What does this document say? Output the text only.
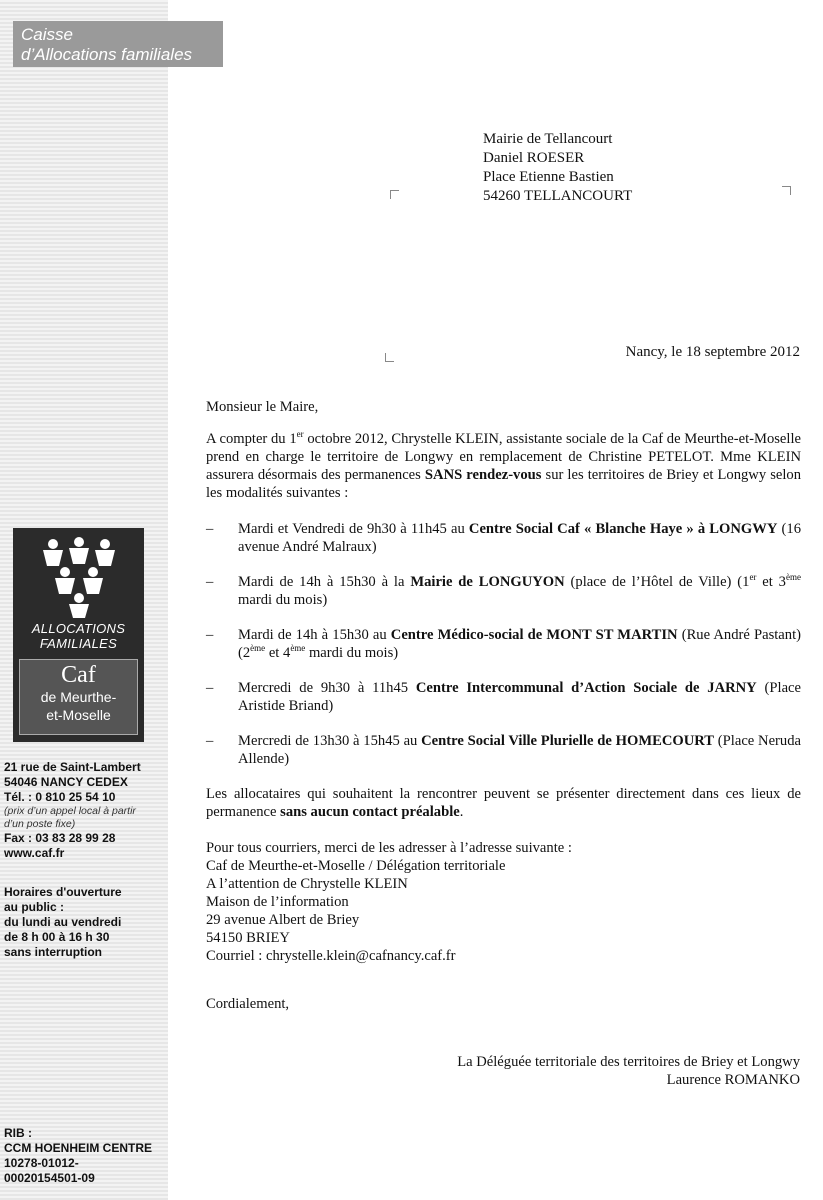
Caisse
d’Allocations familiales
ALLOCATIONS
FAMILIALES
Caf
de Meurthe-
et-Moselle
21 rue de Saint-Lambert
54046 NANCY CEDEX
Tél. : 0 810 25 54 10
(prix d’un appel local à partir
d’un poste fixe)
Fax : 03 83 28 99 28
www.caf.fr
Horaires d'ouverture
au public :
du lundi au vendredi
de 8 h 00 à 16 h 30
sans interruption
RIB :
CCM HOENHEIM CENTRE
10278-01012-
00020154501-09
Mairie de Tellancourt
Daniel ROESER
Place Etienne Bastien
54260 TELLANCOURT
Nancy, le 18 septembre 2012

Monsieur le Maire,

A compter du 1er octobre 2012, Chrystelle KLEIN, assistante sociale de la Caf de Meurthe-et-Moselle prend en charge le territoire de Longwy en remplacement de Christine PETELOT. Mme KLEIN assurera désormais des permanences SANS rendez-vous sur les territoires de Briey et Longwy selon les modalités suivantes :

– Mardi et Vendredi de 9h30 à 11h45 au Centre Social Caf « Blanche Haye » à LONGWY (16 avenue André Malraux)
– Mardi de 14h à 15h30 à la Mairie de LONGUYON (place de l’Hôtel de Ville) (1er et 3ème mardi du mois)
– Mardi de 14h à 15h30 au Centre Médico-social de MONT ST MARTIN (Rue André Pastant) (2ème et 4ème mardi du mois)
– Mercredi de 9h30 à 11h45 Centre Intercommunal d’Action Sociale de JARNY (Place Aristide Briand)
– Mercredi de 13h30 à 15h45 au Centre Social Ville Plurielle de HOMECOURT (Place Neruda Allende)

Les allocataires qui souhaitent la rencontrer peuvent se présenter directement dans ces lieux de permanence sans aucun contact préalable.

Pour tous courriers, merci de les adresser à l’adresse suivante :
Caf de Meurthe-et-Moselle / Délégation territoriale
A l’attention de Chrystelle KLEIN
Maison de l’information
29 avenue Albert de Briey
54150 BRIEY
Courriel : chrystelle.klein@cafnancy.caf.fr

Cordialement,

La Déléguée territoriale des territoires de Briey et Longwy
Laurence ROMANKO
